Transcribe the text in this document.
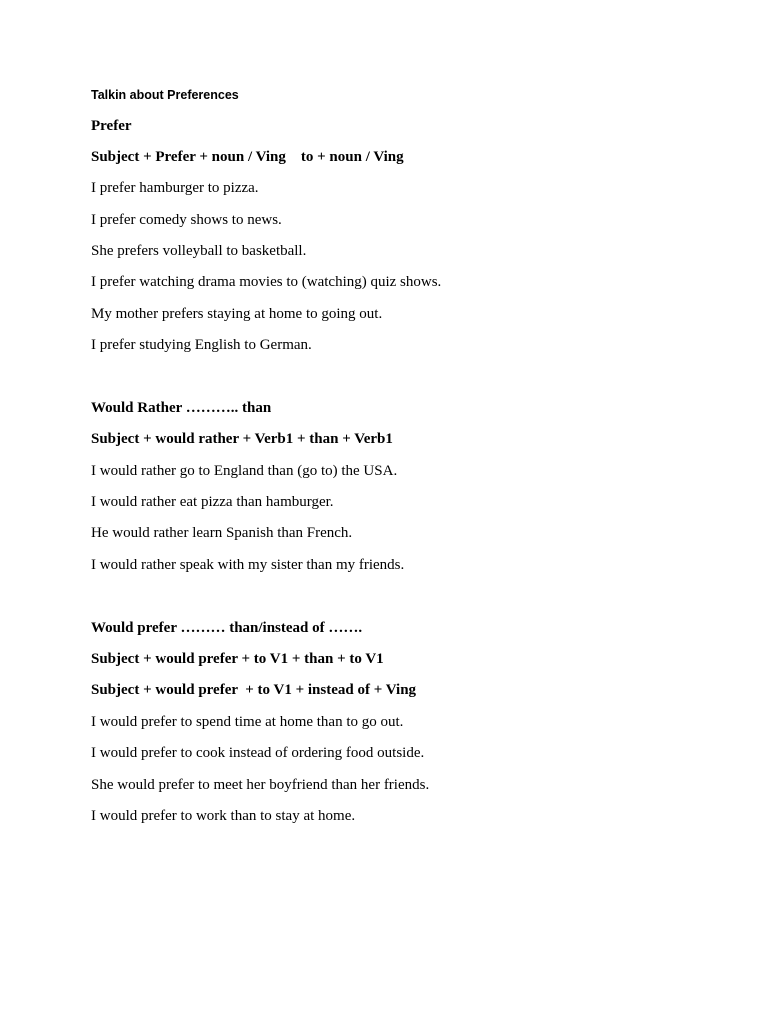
Talkin about Preferences
Prefer
Subject + Prefer + noun / Ving    to + noun / Ving
I prefer hamburger to pizza.
I prefer comedy shows to news.
She prefers volleyball to basketball.
I prefer watching drama movies to (watching) quiz shows.
My mother prefers staying at home to going out.
I prefer studying English to German.
Would Rather ……….. than
Subject + would rather + Verb1 + than + Verb1
I would rather go to England than (go to) the USA.
I would rather eat pizza than hamburger.
He would rather learn Spanish than French.
I would rather speak with my sister than my friends.
Would prefer ……… than/instead of …….
Subject + would prefer + to V1 + than + to V1
Subject + would prefer  + to V1 + instead of + Ving
I would prefer to spend time at home than to go out.
I would prefer to cook instead of ordering food outside.
She would prefer to meet her boyfriend than her friends.
I would prefer to work than to stay at home.
